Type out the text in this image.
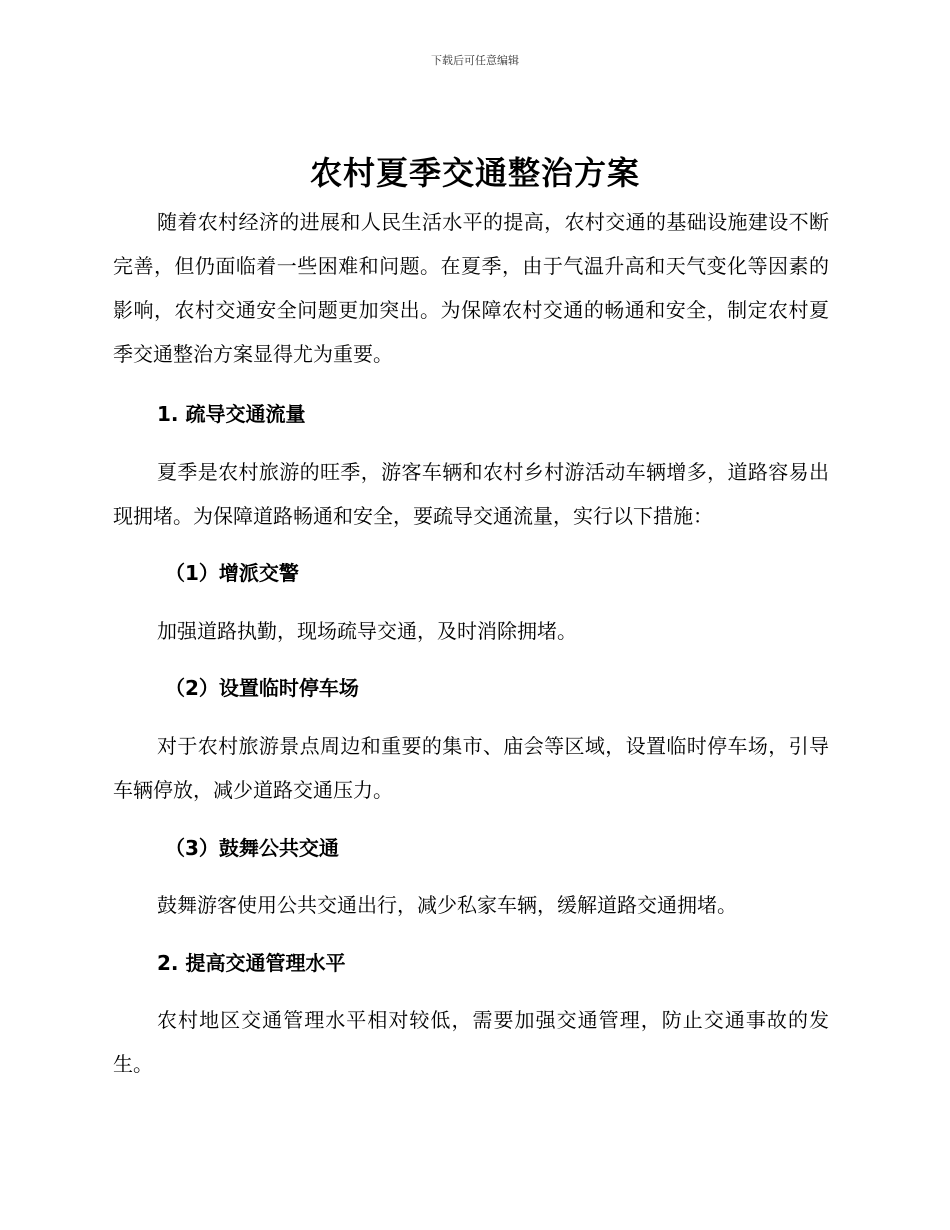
下载后可任意编辑
农村夏季交通整治方案

随着农村经济的进展和人民生活水平的提高，农村交通的基础设施建设不断完善，但仍面临着一些困难和问题。在夏季，由于气温升高和天气变化等因素的影响，农村交通安全问题更加突出。为保障农村交通的畅通和安全，制定农村夏季交通整治方案显得尤为重要。

1. 疏导交通流量

夏季是农村旅游的旺季，游客车辆和农村乡村游活动车辆增多，道路容易出现拥堵。为保障道路畅通和安全，要疏导交通流量，实行以下措施：

（1）增派交警

加强道路执勤，现场疏导交通，及时消除拥堵。

（2）设置临时停车场

对于农村旅游景点周边和重要的集市、庙会等区域，设置临时停车场，引导车辆停放，减少道路交通压力。

（3）鼓舞公共交通

鼓舞游客使用公共交通出行，减少私家车辆，缓解道路交通拥堵。

2. 提高交通管理水平

农村地区交通管理水平相对较低，需要加强交通管理，防止交通事故的发生。
